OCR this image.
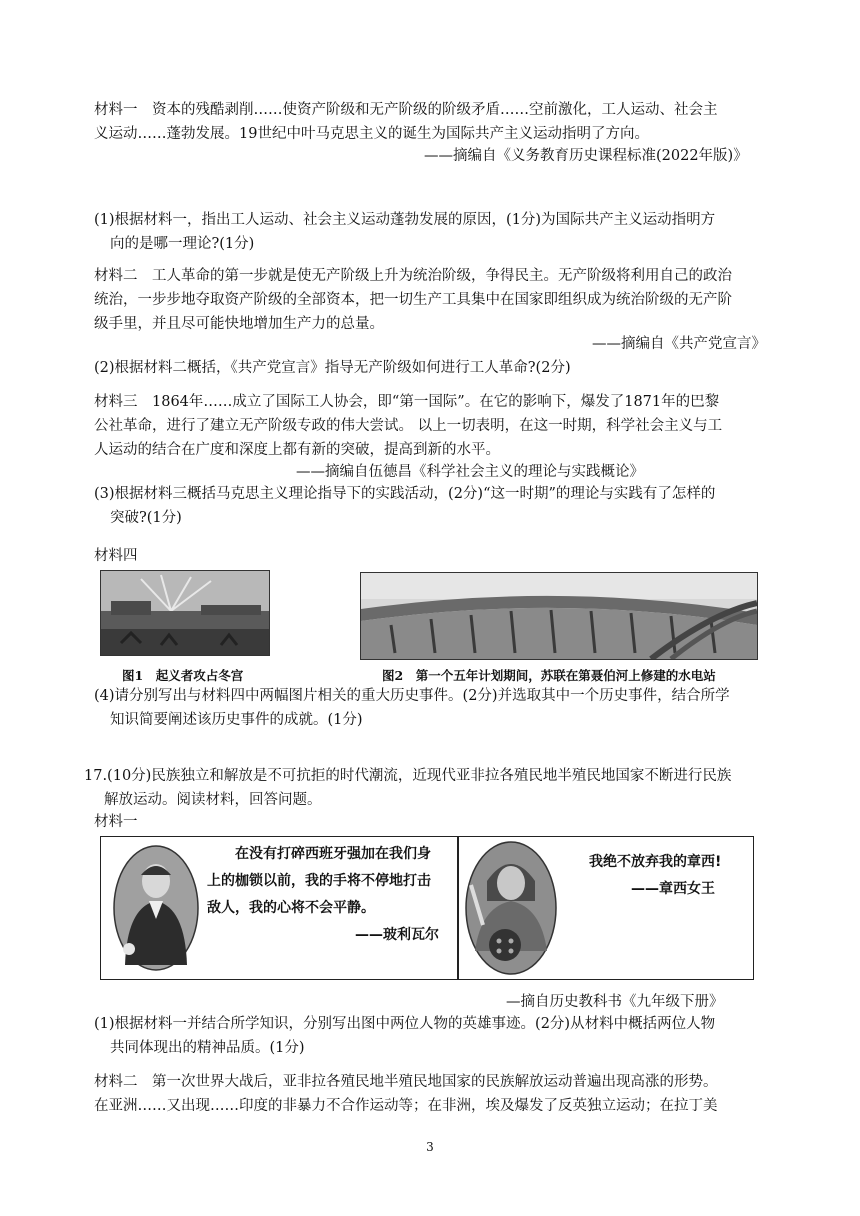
材料一　资本的残酷剥削……使资产阶级和无产阶级的阶级矛盾……空前激化，工人运动、社会主

义运动……蓬勃发展。19世纪中叶马克思主义的诞生为国际共产主义运动指明了方向。

——摘编自《义务教育历史课程标准(2022年版)》

(1)根据材料一，指出工人运动、社会主义运动蓬勃发展的原因，(1分)为国际共产主义运动指明方

向的是哪一理论?(1分)

材料二　工人革命的第一步就是使无产阶级上升为统治阶级，争得民主。无产阶级将利用自己的政治

统治，一步步地夺取资产阶级的全部资本，把一切生产工具集中在国家即组织成为统治阶级的无产阶

级手里，并且尽可能快地增加生产力的总量。

——摘编自《共产党宣言》

(2)根据材料二概括，《共产党宣言》指导无产阶级如何进行工人革命?(2分)

材料三　1864年……成立了国际工人协会，即“第一国际”。在它的影响下，爆发了1871年的巴黎

公社革命，进行了建立无产阶级专政的伟大尝试。 以上一切表明，在这一时期，科学社会主义与工

人运动的结合在广度和深度上都有新的突破，提高到新的水平。

——摘编自伍德昌《科学社会主义的理论与实践概论》

(3)根据材料三概括马克思主义理论指导下的实践活动，(2分)“这一时期”的理论与实践有了怎样的

突破?(1分)

材料四

图1　起义者攻占冬宫	图2　第一个五年计划期间，苏联在第聂伯河上修建的水电站

(4)请分别写出与材料四中两幅图片相关的重大历史事件。(2分)并选取其中一个历史事件，结合所学

知识简要阐述该历史事件的成就。(1分)

17.(10分)民族独立和解放是不可抗拒的时代潮流，近现代亚非拉各殖民地半殖民地国家不断进行民族

解放运动。阅读材料，回答问题。

材料一

在没有打碎西班牙强加在我们身
上的枷锁以前，我的手将不停地打击
敌人，我的心将不会平静。
——玻利瓦尔
我绝不放弃我的章西!
——章西女王

—摘自历史教科书《九年级下册》

(1)根据材料一并结合所学知识，分别写出图中两位人物的英雄事迹。(2分)从材料中概括两位人物

共同体现出的精神品质。(1分)

材料二　第一次世界大战后，亚非拉各殖民地半殖民地国家的民族解放运动普遍出现高涨的形势。

在亚洲……又出现……印度的非暴力不合作运动等；在非洲，埃及爆发了反英独立运动；在拉丁美

3
